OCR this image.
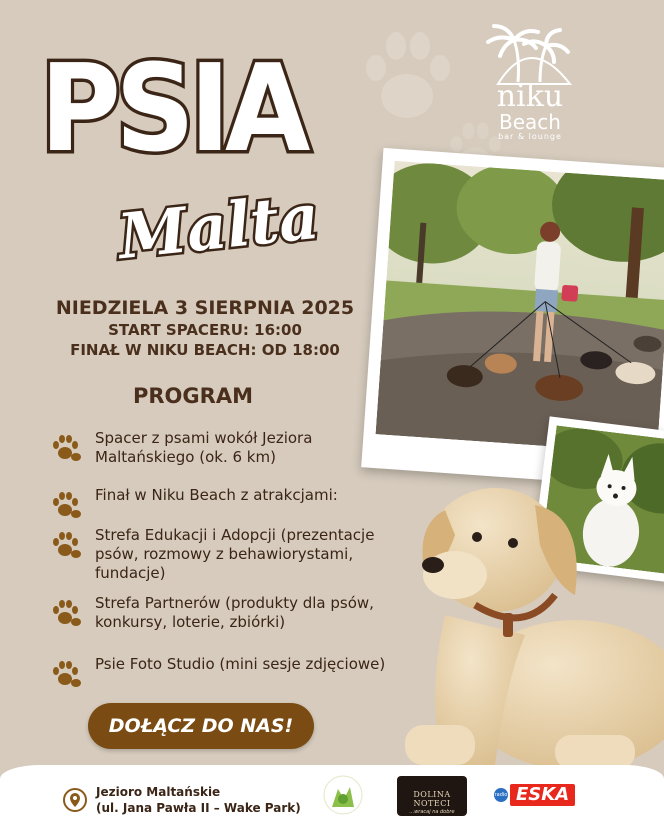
PSIA
Malta
niku
Beach
bar & lounge
NIEDZIELA 3 SIERPNIA 2025
START SPACERU: 16:00
FINAŁ W NIKU BEACH: OD 18:00
PROGRAM
Spacer z psami wokół Jeziora Maltańskiego (ok. 6 km)
Finał w Niku Beach z atrakcjami:
Strefa Edukacji i Adopcji (prezentacje psów, rozmowy z behawiorystami, fundacje)
Strefa Partnerów (produkty dla psów, konkursy, loterie, zbiórki)
Psie Foto Studio (mini sesje zdjęciowe)
DOŁĄCZ DO NAS!
Jezioro Maltańskie
(ul. Jana Pawła II – Wake Park)
DOLINA NOTECI
...wracaj na dobre
radio ESKA
